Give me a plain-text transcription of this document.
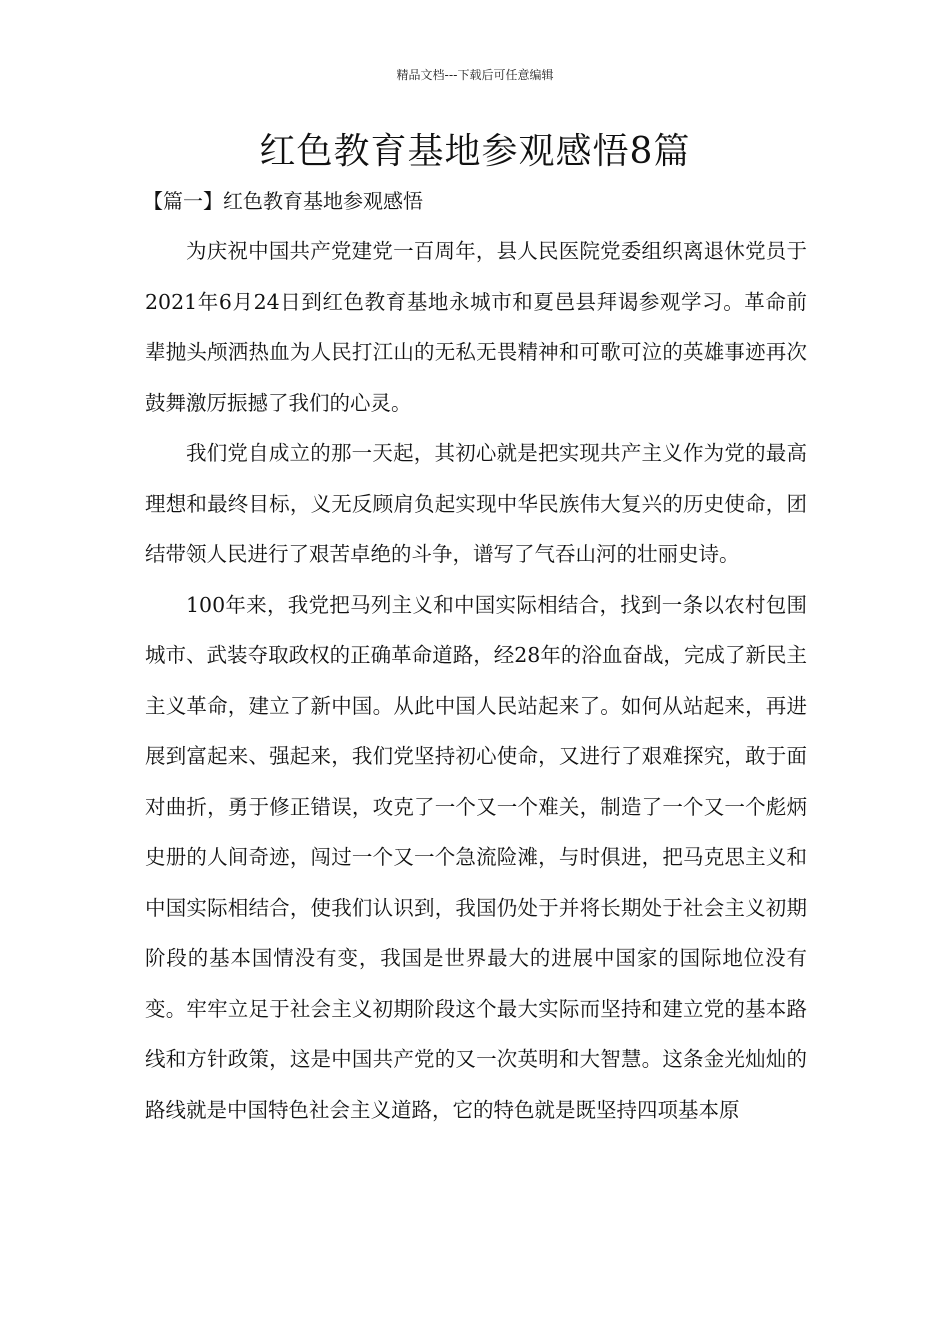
精品文档---下载后可任意编辑
红色教育基地参观感悟8篇
【篇一】红色教育基地参观感悟

为庆祝中国共产党建党一百周年，县人民医院党委组织离退休党员于2021年6月24日到红色教育基地永城市和夏邑县拜谒参观学习。革命前辈抛头颅洒热血为人民打江山的无私无畏精神和可歌可泣的英雄事迹再次鼓舞激厉振撼了我们的心灵。

我们党自成立的那一天起，其初心就是把实现共产主义作为党的最高理想和最终目标，义无反顾肩负起实现中华民族伟大复兴的历史使命，团结带领人民进行了艰苦卓绝的斗争，谱写了气吞山河的壮丽史诗。

100年来，我党把马列主义和中国实际相结合，找到一条以农村包围城市、武装夺取政权的正确革命道路，经28年的浴血奋战，完成了新民主主义革命，建立了新中国。从此中国人民站起来了。如何从站起来，再进展到富起来、强起来，我们党坚持初心使命，又进行了艰难探究，敢于面对曲折，勇于修正错误，攻克了一个又一个难关，制造了一个又一个彪炳史册的人间奇迹，闯过一个又一个急流险滩，与时俱进，把马克思主义和中国实际相结合，使我们认识到，我国仍处于并将长期处于社会主义初期阶段的基本国情没有变，我国是世界最大的进展中国家的国际地位没有变。牢牢立足于社会主义初期阶段这个最大实际而坚持和建立党的基本路线和方针政策，这是中国共产党的又一次英明和大智慧。这条金光灿灿的路线就是中国特色社会主义道路，它的特色就是既坚持四项基本原
